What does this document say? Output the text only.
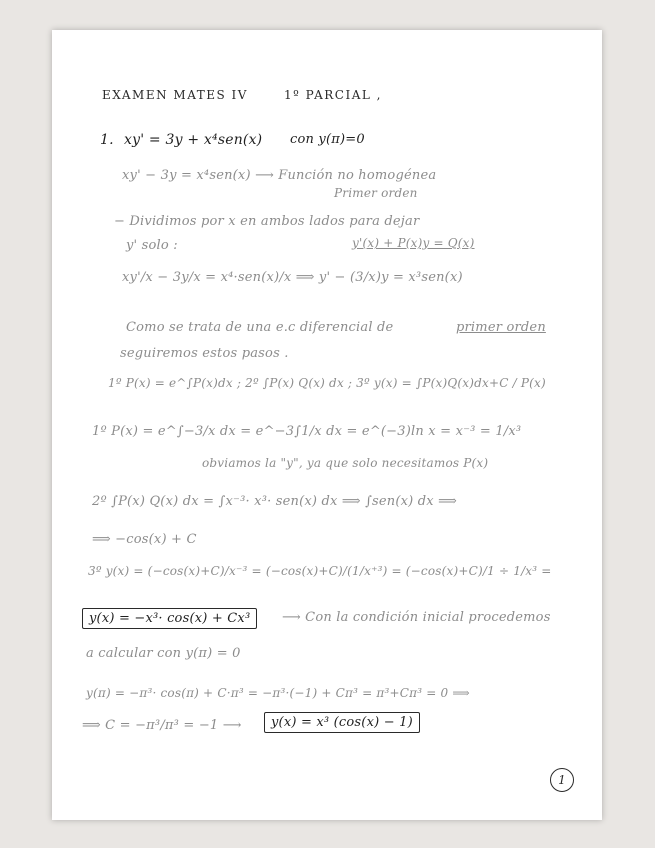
EXAMEN MATES IV	1º PARCIAL ,
1. xy' = 3y + x⁴sen(x) con y(π)=0
xy' − 3y = x⁴sen(x) ⟶ Función no homogénea
Primer orden
− Dividimos por x en ambos lados para dejar
y' solo :	y'(x) + P(x)y = Q(x)
xy'/x − 3y/x = x⁴·sen(x)/x ⟹ y' − (3/x)y = x³sen(x)
Como se trata de una e.c diferencial de	primer orden
seguiremos estos pasos .
1º P(x) = e^∫P(x)dx ; 2º ∫P(x) Q(x) dx ; 3º y(x) = ∫P(x)Q(x)dx+C / P(x)
1º P(x) = e^∫−3/x dx = e^−3∫1/x dx = e^(−3)ln x = x⁻³ = 1/x³
obviamos la "y", ya que solo necesitamos P(x)
2º ∫P(x) Q(x) dx = ∫x⁻³· x³· sen(x) dx ⟹ ∫sen(x) dx ⟹
⟹ −cos(x) + C
3º y(x) = (−cos(x)+C)/x⁻³ = (−cos(x)+C)/(1/x⁺³) = (−cos(x)+C)/1 ÷ 1/x³ =
y(x) = −x³· cos(x) + Cx³	⟶ Con la condición inicial procedemos
a calcular con y(π) = 0
y(π) = −π³· cos(π) + C·π³ = −π³·(−1) + Cπ³ = π³+Cπ³ = 0 ⟹
⟹ C = −π³/π³ = −1 ⟶	y(x) = x³ (cos(x) − 1)
1
